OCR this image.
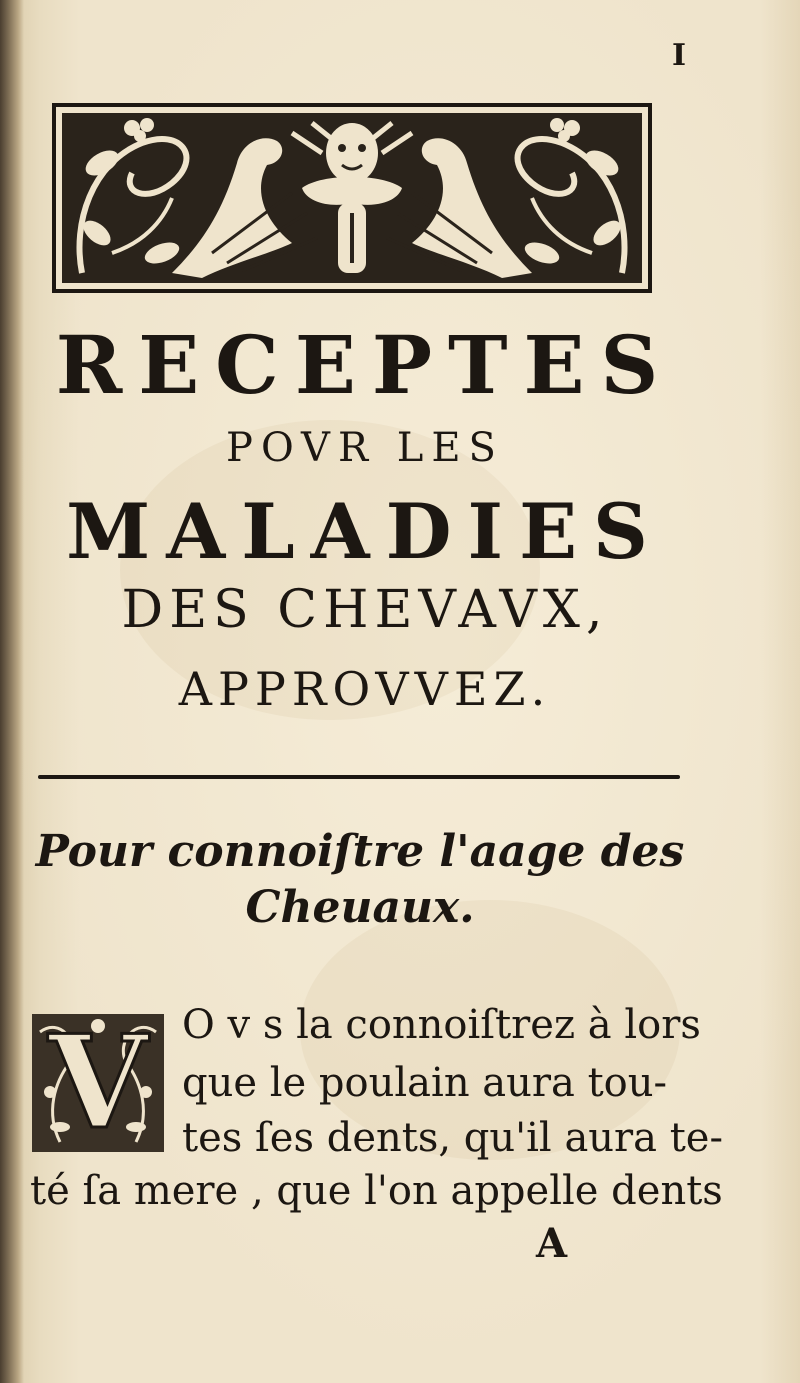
I
RECEPTES
POVR LES
MALADIES
DES CHEVAVX,
APPROVVEZ.
Pour connoiſtre l'aage des
Cheuaux.
V O v s la connoiſtrez à lors
que le poulain aura tou-
tes ſes dents, qu'il aura te-
té ſa mere , que l'on appelle dents
A
